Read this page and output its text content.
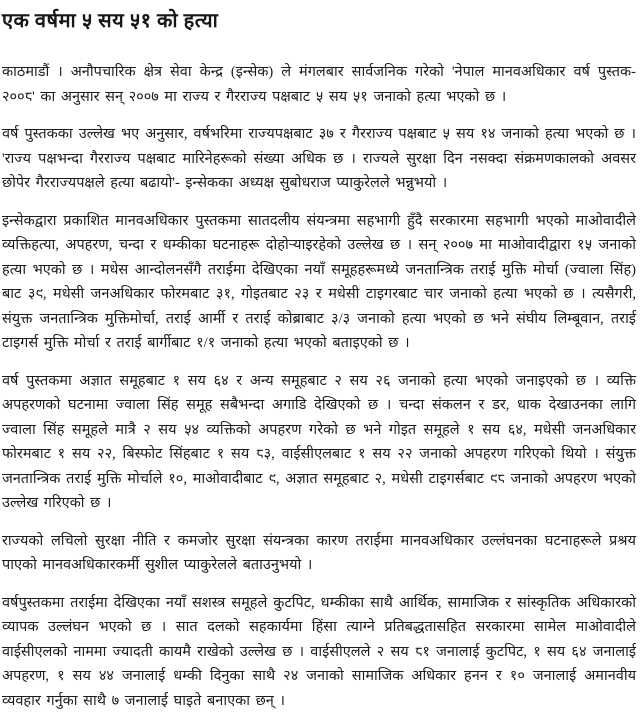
एक वर्षमा ५ सय ५१ को हत्या

काठमाडौं । अनौपचारिक क्षेत्र सेवा केन्द्र (इन्सेक) ले मंगलबार सार्वजनिक गरेको 'नेपाल मानवअधिकार वर्ष पुस्तक- २००८' का अनुसार सन् २००७ मा राज्य र गैरराज्य पक्षबाट ५ सय ५१ जनाको हत्या भएको छ ।

वर्ष पुस्तकका उल्लेख भए अनुसार, वर्षभरिमा राज्यपक्षबाट ३७ र गैरराज्य पक्षबाट ५ सय १४ जनाको हत्या भएको छ । 'राज्य पक्षभन्दा गैरराज्य पक्षबाट मारिनेहरूको संख्या अधिक छ । राज्यले सुरक्षा दिन नसक्दा संक्रमणकालको अवसर छोपेर गैरराज्यपक्षले हत्या बढायो'- इन्सेकका अध्यक्ष सुबोधराज प्याकुरेलले भन्नुभयो ।

इन्सेकद्वारा प्रकाशित मानवअधिकार पुस्तकमा सातदलीय संयन्त्रमा सहभागी हुँदै सरकारमा सहभागी भएको माओवादीले व्यक्तिहत्या, अपहरण, चन्दा र धम्कीका घटनाहरू दोहोर्‍याइरहेको उल्लेख छ । सन् २००७ मा माओवादीद्वारा १५ जनाको हत्या भएको छ । मधेस आन्दोलनसँगै तराईमा देखिएका नयाँ समूहहरूमध्ये जनतान्त्रिक तराई मुक्ति मोर्चा (ज्वाला सिंह) बाट ३९, मधेसी जनअधिकार फोरमबाट ३१, गोइतबाट २३ र मधेसी टाइगरबाट चार जनाको हत्या भएको छ । त्यसैगरी, संयुक्त जनतान्त्रिक मुक्तिमोर्चा, तराई आर्मी र तराई कोब्राबाट ३/३ जनाको हत्या भएको छ भने संघीय लिम्बूवान, तराई टाइगर्स मुक्ति मोर्चा र तराई बार्गीबाट १/१ जनाको हत्या भएको बताइएको छ ।

वर्ष पुस्तकमा अज्ञात समूहबाट १ सय ६४ र अन्य समूहबाट २ सय २६ जनाको हत्या भएको जनाइएको छ । व्यक्ति अपहरणको घटनामा ज्वाला सिंह समूह सबैभन्दा अगाडि देखिएको छ । चन्दा संकलन र डर, धाक देखाउनका लागि ज्वाला सिंह समूहले मात्रै २ सय ५४ व्यक्तिको अपहरण गरेको छ भने गोइत समूहले १ सय ६४, मधेसी जनअधिकार फोरमबाट १ सय २२, बिस्फोट सिंहबाट १ सय ८३, वाईसीएलबाट १ सय २२ जनाको अपहरण गरिएको थियो । संयुक्त जनतान्त्रिक तराई मुक्ति मोर्चाले १०, माओवादीबाट ९, अज्ञात समूहबाट २, मधेसी टाइगर्सबाट ९८ जनाको अपहरण भएको उल्लेख गरिएको छ ।

राज्यको लचिलो सुरक्षा नीति र कमजोर सुरक्षा संयन्त्रका कारण तराईमा मानवअधिकार उल्लंघनका घटनाहरूले प्रश्रय पाएको मानवअधिकारकर्मी सुशील प्याकुरेलले बताउनुभयो ।

वर्षपुस्तकमा तराईमा देखिएका नयाँ सशस्त्र समूहले कुटपिट, धम्कीका साथै आर्थिक, सामाजिक र सांस्कृतिक अधिकारको व्यापक उल्लंघन भएको छ । सात दलको सहकार्यमा हिंसा त्याग्ने प्रतिबद्धतासहित सरकारमा सामेल माओवादीले वाईसीएलको नाममा ज्यादती कायमै राखेको उल्लेख छ । वाईसीएलले २ सय ८१ जनालाई कुटपिट, १ सय ६४ जनालाई अपहरण, १ सय ४४ जनालाई धम्की दिनुका साथै २४ जनाको सामाजिक अधिकार हनन र १० जनालाई अमानवीय व्यवहार गर्नुका साथै ७ जनालाई घाइते बनाएका छन् ।
